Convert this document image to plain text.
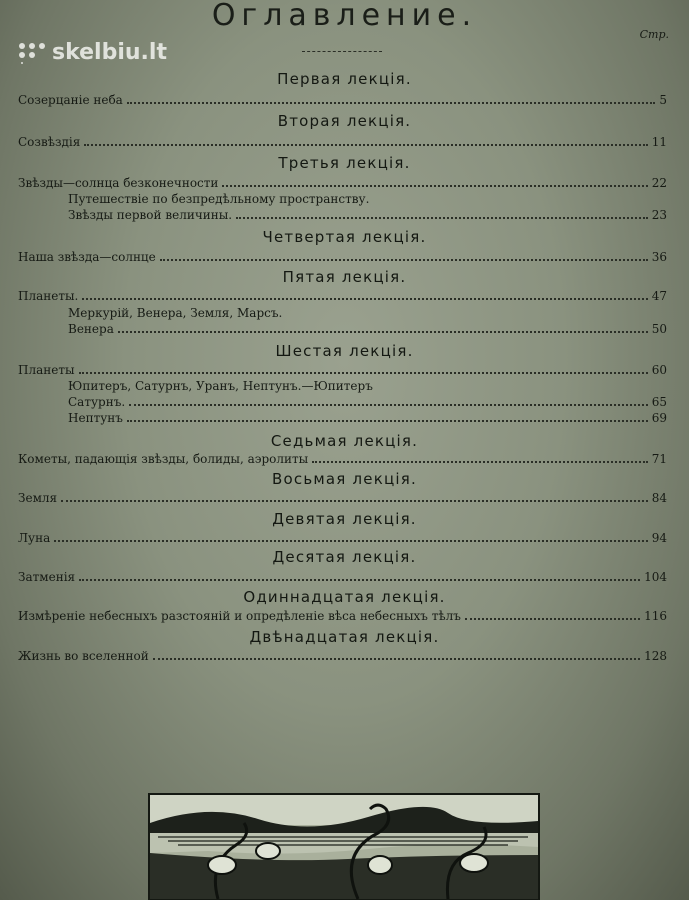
skelbiu.lt
Оглавление.
Стр.
Первая лекція.
Созерцаніе неба	5
Вторая лекція.
Созвѣздія	11
Третья лекція.
Звѣзды—солнца безконечности	22
Путешествіе по безпредѣльному пространству.
Звѣзды первой величины.	23
Четвертая лекція.
Наша звѣзда—солнце	36
Пятая лекція.
Планеты.	47
Меркурій, Венера, Земля, Марсъ.
Венера	50
Шестая лекція.
Планеты	60
Юпитеръ, Сатурнъ, Уранъ, Нептунъ.—Юпитеръ
Сатурнъ.	65
Нептунъ	69
Седьмая лекція.
Кометы, падающія звѣзды, болиды, аэролиты	71
Восьмая лекція.
Земля	84
Девятая лекція.
Луна	94
Десятая лекція.
Затменія	104
Одиннадцатая лекція.
Измѣреніе небесныхъ разстояній и опредѣленіе вѣса небесныхъ тѣлъ	116
Двѣнадцатая лекція.
Жизнь во вселенной	128
